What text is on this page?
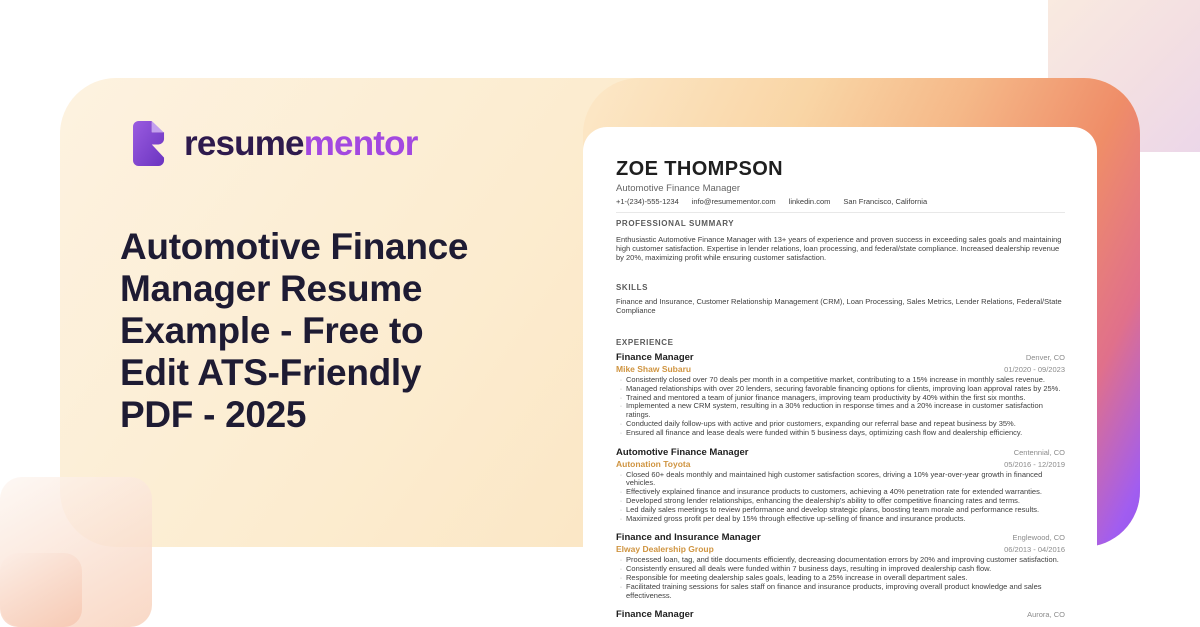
resumementor
Automotive Finance
Manager Resume
Example - Free to
Edit ATS-Friendly
PDF - 2025
ZOE THOMPSON
Automotive Finance Manager
+1-(234)-555-1234 info@resumementor.com linkedin.com San Francisco, California
PROFESSIONAL SUMMARY
Enthusiastic Automotive Finance Manager with 13+ years of experience and proven success in exceeding sales goals and maintaining high customer satisfaction. Expertise in lender relations, loan processing, and federal/state compliance. Increased dealership revenue by 20%, maximizing profit while ensuring customer satisfaction.
SKILLS
Finance and Insurance, Customer Relationship Management (CRM), Loan Processing, Sales Metrics, Lender Relations, Federal/State Compliance
EXPERIENCE
Finance Manager	Denver, CO
Mike Shaw Subaru	01/2020 - 09/2023
· Consistently closed over 70 deals per month in a competitive market, contributing to a 15% increase in monthly sales revenue.
· Managed relationships with over 20 lenders, securing favorable financing options for clients, improving loan approval rates by 25%.
· Trained and mentored a team of junior finance managers, improving team productivity by 40% within the first six months.
· Implemented a new CRM system, resulting in a 30% reduction in response times and a 20% increase in customer satisfaction ratings.
· Conducted daily follow-ups with active and prior customers, expanding our referral base and repeat business by 35%.
· Ensured all finance and lease deals were funded within 5 business days, optimizing cash flow and dealership efficiency.
Automotive Finance Manager	Centennial, CO
Autonation Toyota	05/2016 - 12/2019
· Closed 60+ deals monthly and maintained high customer satisfaction scores, driving a 10% year-over-year growth in financed vehicles.
· Effectively explained finance and insurance products to customers, achieving a 40% penetration rate for extended warranties.
· Developed strong lender relationships, enhancing the dealership's ability to offer competitive financing rates and terms.
· Led daily sales meetings to review performance and develop strategic plans, boosting team morale and performance results.
· Maximized gross profit per deal by 15% through effective up-selling of finance and insurance products.
Finance and Insurance Manager	Englewood, CO
Elway Dealership Group	06/2013 - 04/2016
· Processed loan, tag, and title documents efficiently, decreasing documentation errors by 20% and improving customer satisfaction.
· Consistently ensured all deals were funded within 7 business days, resulting in improved dealership cash flow.
· Responsible for meeting dealership sales goals, leading to a 25% increase in overall department sales.
· Facilitated training sessions for sales staff on finance and insurance products, improving overall product knowledge and sales effectiveness.
Finance Manager	Aurora, CO
